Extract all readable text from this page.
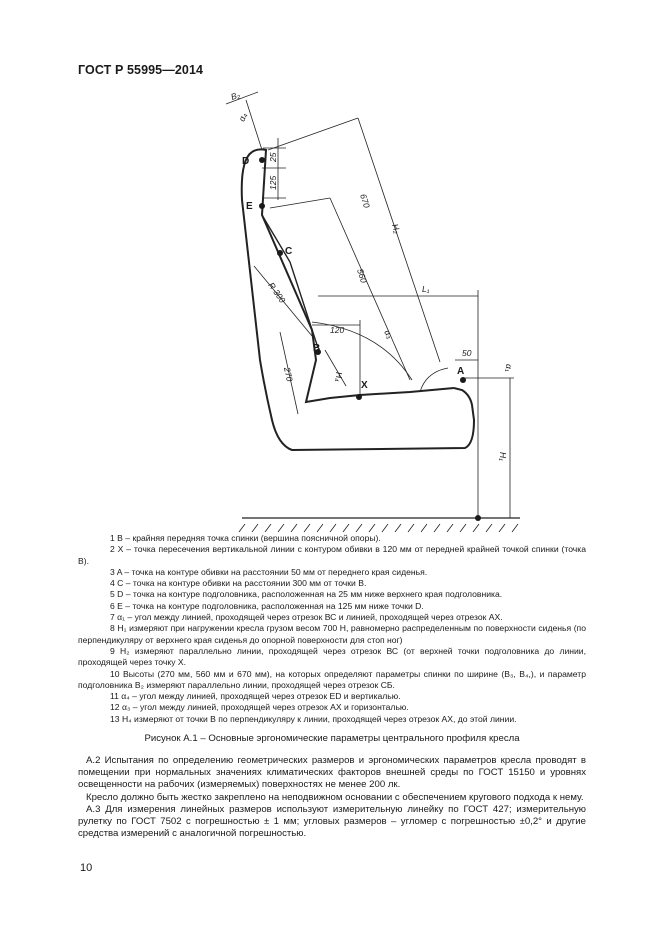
ГОСТ Р 55995—2014
D
E
C
B
X
A
B₂
α₄
25
125
670
H₂
560
L₁
R 300
120	α₃
270	H₄
50
α₁
H₁

1 B – крайняя передняя точка спинки (вершина поясничной опоры).

2 X – точка пересечения вертикальной линии с контуром обивки в 120 мм от передней крайней точкой спинки (точка В).

3 A – точка на контуре обивки на расстоянии 50 мм от переднего края сиденья.

4 C – точка на контуре обивки на расстоянии 300 мм от точки В.

5 D – точка на контуре подголовника, расположенная на 25 мм ниже верхнего края подголовника.

6 E – точка на контуре подголовника, расположенная на 125 мм ниже точки D.

7 α₁ – угол между линией, проходящей через отрезок ВС и линией, проходящей через отрезок АХ.

8 H₁ измеряют при нагружении кресла грузом весом 700 Н, равномерно распределенным по поверхности сиденья (по перпендикуляру от верхнего края сиденья до опорной поверхности для стоп ног)

9 H₂ измеряют параллельно линии, проходящей через отрезок ВС (от верхней точки подголовника до линии, проходящей через точку Х.

10 Высоты (270 мм, 560 мм и 670 мм), на которых определяют параметры спинки по ширине (B₃, B₄,), и параметр подголовника B₂ измеряют параллельно линии, проходящей через отрезок СБ.

11 α₄ – угол между линией, проходящей через отрезок ED и вертикалью.

12 α₃ – угол между линией, проходящей через отрезок АХ и горизонталью.

13 H₄ измеряют от точки В по перпендикуляру к линии, проходящей через отрезок АХ, до этой линии.

Рисунок А.1 – Основные эргономические параметры центрального профиля кресла

А.2 Испытания по определению геометрических размеров и эргономических параметров кресла проводят в помещении при нормальных значениях климатических факторов внешней среды по ГОСТ 15150 и уровнях освещенности на рабочих (измеряемых) поверхностях не менее 200 лк.

Кресло должно быть жестко закреплено на неподвижном основании с обеспечением кругового подхода к нему.

А.3 Для измерения линейных размеров используют измерительную линейку по ГОСТ 427; измерительную рулетку по ГОСТ 7502 с погрешностью ± 1 мм; угловых размеров – угломер с погрешностью ±0,2° и другие средства измерений с аналогичной погрешностью.

10
